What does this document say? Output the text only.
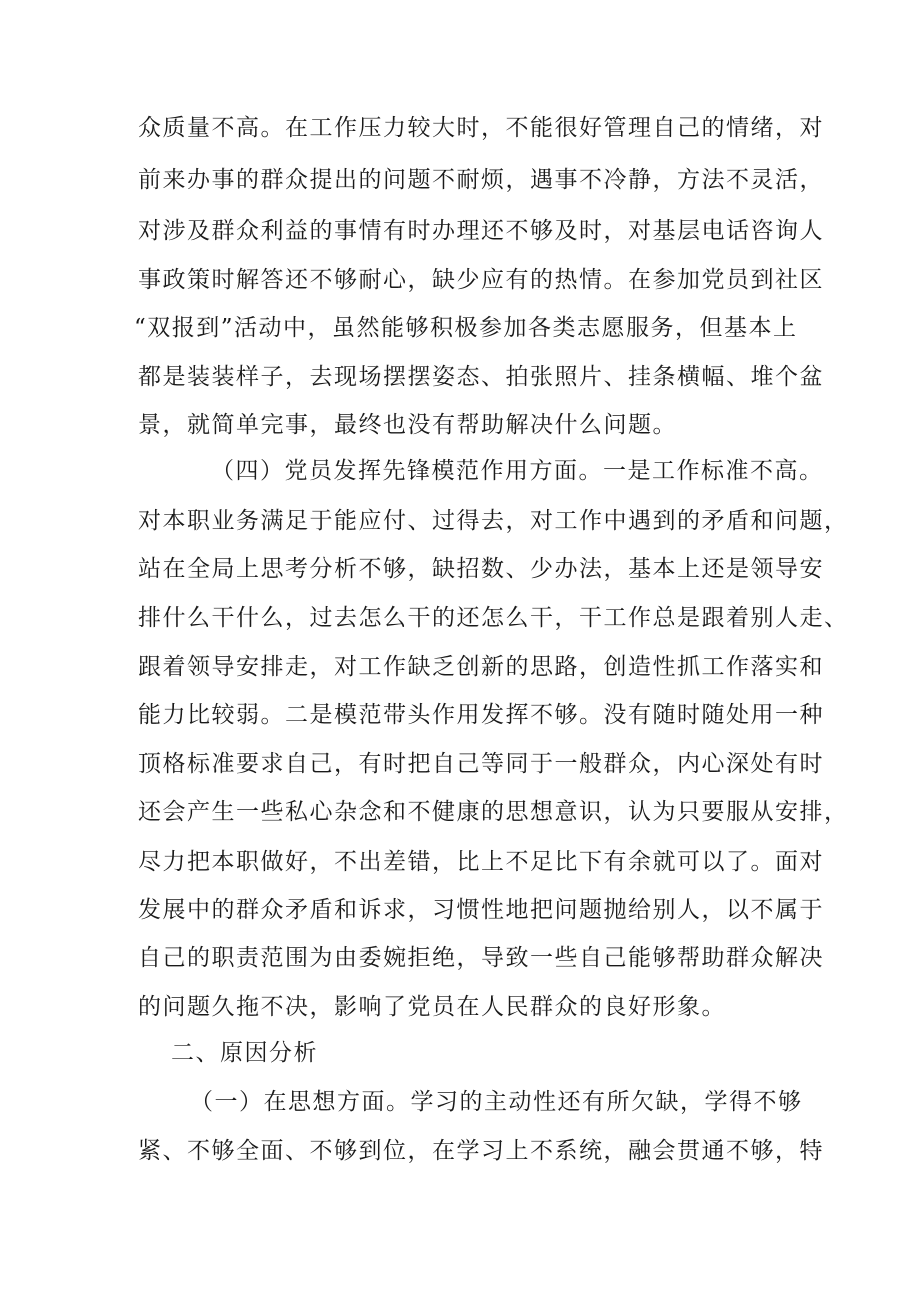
众质量不高。在工作压力较大时，不能很好管理自己的情绪，对
前来办事的群众提出的问题不耐烦，遇事不冷静，方法不灵活，
对涉及群众利益的事情有时办理还不够及时，对基层电话咨询人
事政策时解答还不够耐心，缺少应有的热情。在参加党员到社区
“双报到”活动中，虽然能够积极参加各类志愿服务，但基本上
都是装装样子，去现场摆摆姿态、拍张照片、挂条横幅、堆个盆
景，就简单完事，最终也没有帮助解决什么问题。
（四）党员发挥先锋模范作用方面。一是工作标准不高。
对本职业务满足于能应付、过得去，对工作中遇到的矛盾和问题，
站在全局上思考分析不够，缺招数、少办法，基本上还是领导安
排什么干什么，过去怎么干的还怎么干，干工作总是跟着别人走、
跟着领导安排走，对工作缺乏创新的思路，创造性抓工作落实和
能力比较弱。二是模范带头作用发挥不够。没有随时随处用一种
顶格标准要求自己，有时把自己等同于一般群众，内心深处有时
还会产生一些私心杂念和不健康的思想意识，认为只要服从安排，
尽力把本职做好，不出差错，比上不足比下有余就可以了。面对
发展中的群众矛盾和诉求，习惯性地把问题抛给别人，以不属于
自己的职责范围为由委婉拒绝，导致一些自己能够帮助群众解决
的问题久拖不决，影响了党员在人民群众的良好形象。
二、原因分析
（一）在思想方面。学习的主动性还有所欠缺，学得不够
紧、不够全面、不够到位，在学习上不系统，融会贯通不够，特
